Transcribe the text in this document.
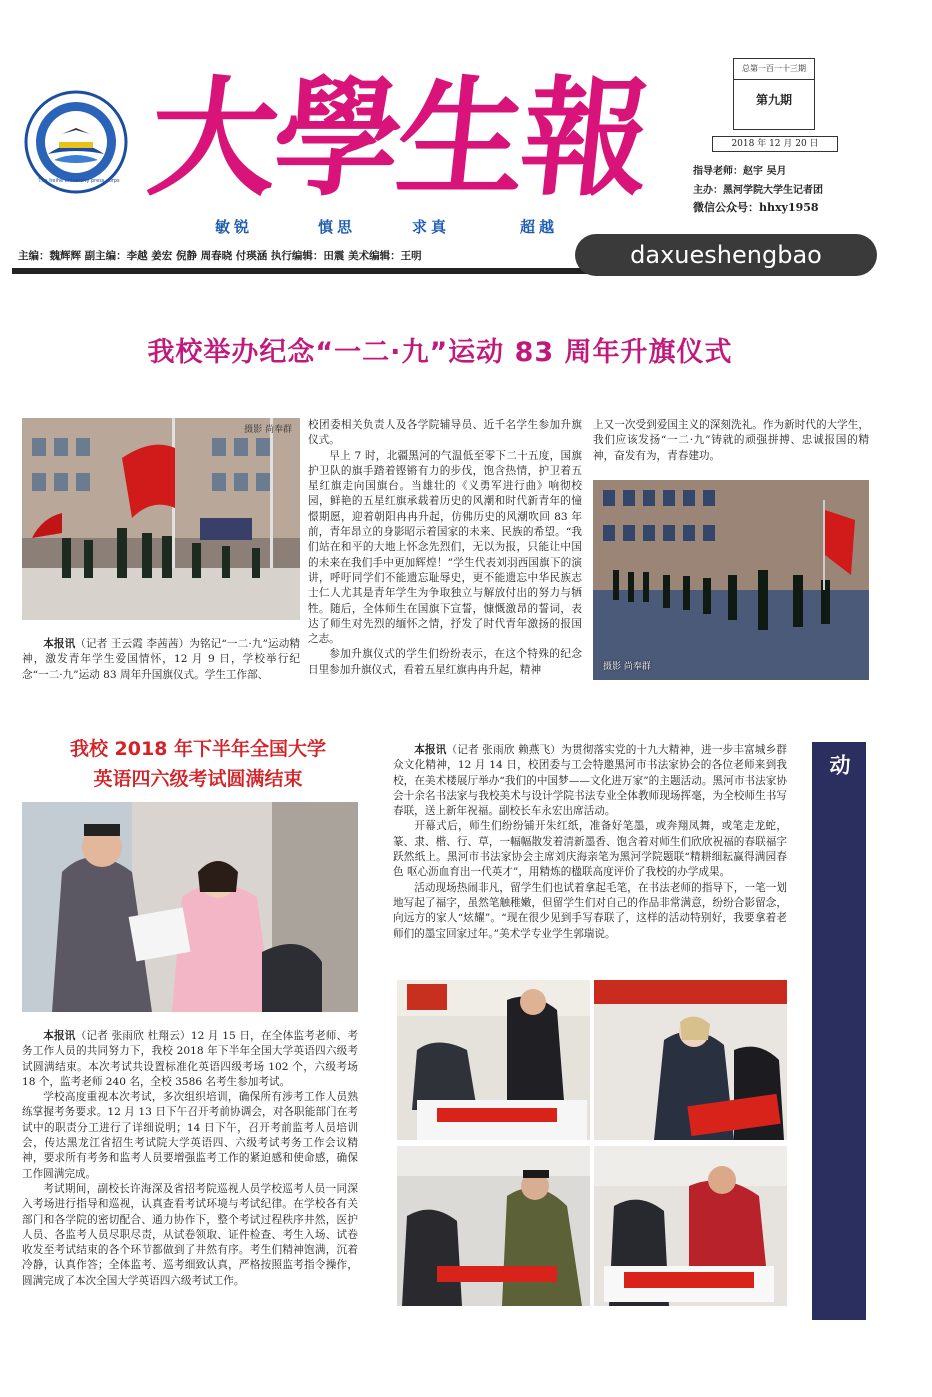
The heihe university press corps 大學生報
敏锐	慎思	求真	超越
总第一百一十三期
第九期
2018 年 12 月 20 日
指导老师：赵宇 吴月
主办：黑河学院大学生记者团
微信公众号：hhxy1958
主编：魏辉辉 副主编：李越 姜宏 倪静 周春晓 付瑛涵 执行编辑：田震 美术编辑：王明	daxueshengbao
我校举办纪念“一二·九”运动 83 周年升旗仪式
摄影 尚奉群

本报讯（记者 王云霞 李茜茜）为铭记“一二·九”运动精神，激发青年学生爱国情怀，12 月 9 日，学校举行纪念“一二·九”运动 83 周年升国旗仪式。学生工作部、

校团委相关负责人及各学院辅导员、近千名学生参加升旗仪式。

早上 7 时，北疆黑河的气温低至零下二十五度，国旗护卫队的旗手踏着铿锵有力的步伐，饱含热情，护卫着五星红旗走向国旗台。当雄壮的《义勇军进行曲》响彻校园，鲜艳的五星红旗承载着历史的风潮和时代新青年的憧憬期愿，迎着朝阳冉冉升起，仿佛历史的风潮吹回 83 年前，青年昂立的身影昭示着国家的未来、民族的希望。“我们站在和平的大地上怀念先烈们，无以为报，只能让中国的未来在我们手中更加辉煌！”学生代表刘羽西国旗下的演讲，呼吁同学们不能遗忘耻辱史，更不能遗忘中华民族志士仁人尤其是青年学生为争取独立与解放付出的努力与牺牲。随后，全体师生在国旗下宣誓，慷慨激昂的誓词，表达了师生对先烈的缅怀之情，抒发了时代青年激扬的报国之志。

参加升旗仪式的学生们纷纷表示，在这个特殊的纪念日里参加升旗仪式，看着五星红旗冉冉升起，精神

上又一次受到爱国主义的深刻洗礼。作为新时代的大学生，我们应该发扬“一二·九”铸就的顽强拼搏、忠诚报国的精神，奋发有为，青春建功。

摄影 尚奉群
我校 2018 年下半年全国大学
英语四六级考试圆满结束

本报讯（记者 张雨欣 杜翔云）12 月 15 日，在全体监考老师、考务工作人员的共同努力下，我校 2018 年下半年全国大学英语四六级考试圆满结束。本次考试共设置标准化英语四级考场 102 个，六级考场 18 个，监考老师 240 名，全校 3586 名考生参加考试。

学校高度重视本次考试，多次组织培训，确保所有涉考工作人员熟练掌握考务要求。12 月 13 日下午召开考前协调会，对各职能部门在考试中的职责分工进行了详细说明；14 日下午，召开考前监考人员培训会，传达黑龙江省招生考试院大学英语四、六级考试考务工作会议精神，要求所有考务和监考人员要增强监考工作的紧迫感和使命感，确保工作圆满完成。

考试期间，副校长许海深及省招考院巡视人员学校巡考人员一同深入考场进行指导和巡视，认真查看考试环境与考试纪律。在学校各有关部门和各学院的密切配合、通力协作下，整个考试过程秩序井然，医护人员、各监考人员尽职尽责，从试卷领取、证件检查、考生入场、试卷收发至考试结束的各个环节都做到了井然有序。考生们精神饱满，沉着冷静，认真作答；全体监考、巡考细致认真，严格按照监考指令操作，圆满完成了本次全国大学英语四六级考试工作。

本报讯（记者 张雨欣 赖燕飞）为贯彻落实党的十九大精神，进一步丰富城乡群众文化精神，12 月 14 日，校团委与工会特邀黑河市书法家协会的各位老师来到我校，在美术楼展厅举办“我们的中国梦——文化进万家”的主题活动。黑河市书法家协会十余名书法家与我校美术与设计学院书法专业全体教师现场挥毫，为全校师生书写春联，送上新年祝福。副校长车永宏出席活动。

开幕式后，师生们纷纷铺开朱红纸，准备好笔墨，或奔翔凤舞，或笔走龙蛇，篆、隶、楷、行、草，一幅幅散发着清新墨香、饱含着对师生们欣欣祝福的春联福字跃然纸上。黑河市书法家协会主席刘庆海亲笔为黑河学院题联“精耕细耘赢得满园春色 呕心沥血育出一代英才”，用精炼的楹联高度评价了我校的办学成果。

活动现场热闹非凡，留学生们也试着拿起毛笔，在书法老师的指导下，一笔一划地写起了福字，虽然笔触稚嫩，但留学生们对自己的作品非常满意，纷纷合影留念，向远方的家人“炫耀”。“现在很少见到手写春联了，这样的活动特别好，我要拿着老师们的墨宝回家过年。”美术学专业学生郭瑞说。	我校举办『我们的中国梦——文化进万家』主题活动
